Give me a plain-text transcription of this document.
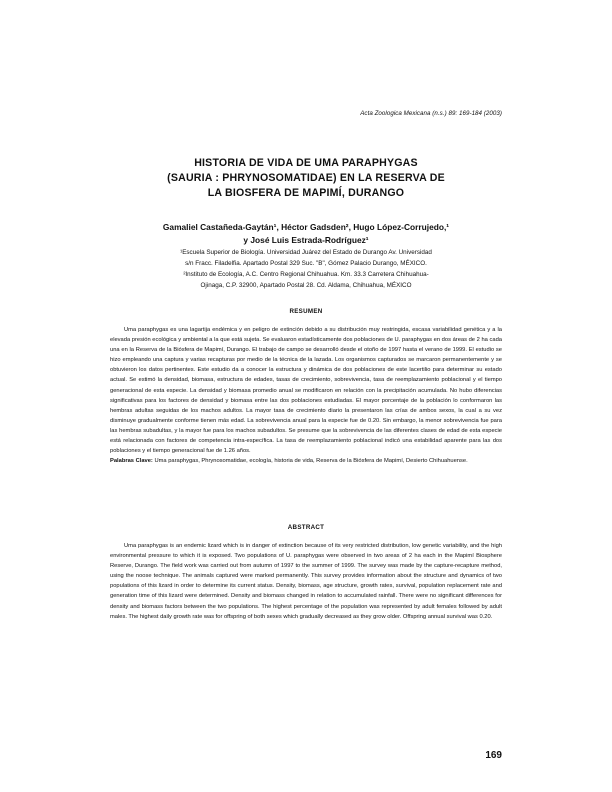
Acta Zoologica Mexicana (n.s.) 89: 169-184 (2003)
HISTORIA DE VIDA DE UMA PARAPHYGAS
(SAURIA : PHRYNOSOMATIDAE) EN LA RESERVA DE
LA BIOSFERA DE MAPIMÍ, DURANGO
Gamaliel Castañeda-Gaytán¹, Héctor Gadsden², Hugo López-Corrujedo,¹
y José Luis Estrada-Rodríguez¹
¹Escuela Superior de Biología. Universidad Juárez del Estado de Durango Av. Universidad
s/n Fracc. Filadelfia. Apartado Postal 329 Suc. "B", Gómez Palacio Durango, MÉXICO.
²Instituto de Ecología, A.C. Centro Regional Chihuahua. Km. 33.3 Carretera Chihuahua-
Ojinaga, C.P. 32900, Apartado Postal 28. Cd. Aldama, Chihuahua, MÉXICO
RESUMEN

Uma paraphygas es una lagartija endémica y en peligro de extinción debido a su distribución muy restringida, escasa variabilidad genética y a la elevada presión ecológica y ambiental a la que está sujeta. Se evaluaron estadísticamente dos poblaciones de U. paraphygas en dos áreas de 2 ha cada una en la Reserva de la Biósfera de Mapimí, Durango. El trabajo de campo se desarrolló desde el otoño de 1997 hasta el verano de 1999. El estudio se hizo empleando una captura y varias recapturas por medio de la técnica de la lazada. Los organismos capturados se marcaron permanentemente y se obtuvieron los datos pertinentes. Este estudio da a conocer la estructura y dinámica de dos poblaciones de este lacertilio para determinar su estado actual. Se estimó la densidad, biomasa, estructura de edades, tasas de crecimiento, sobrevivencia, tasa de reemplazamiento poblacional y el tiempo generacional de esta especie. La densidad y biomasa promedio anual se modificaron en relación con la precipitación acumulada. No hubo diferencias significativas para los factores de densidad y biomasa entre las dos poblaciones estudiadas. El mayor porcentaje de la población lo conformaron las hembras adultas seguidas de los machos adultos. La mayor tasa de crecimiento diario la presentaron las crías de ambos sexos, la cual a su vez disminuye gradualmente conforme tienen más edad. La sobrevivencia anual para la especie fue de 0.20. Sin embargo, la menor sobrevivencia fue para las hembras subadultas, y la mayor fue para los machos subadultos. Se presume que la sobrevivencia de las diferentes clases de edad de esta especie está relacionada con factores de competencia intra-específica. La tasa de reemplazamiento poblacional indicó una estabilidad aparente para las dos poblaciones y el tiempo generacional fue de 1.26 años.

Palabras Clave: Uma paraphygas, Phrynosomatidae, ecología, historia de vida, Reserva de la Biósfera de Mapimí, Desierto Chihuahuense.

ABSTRACT

Uma paraphygas is an endemic lizard which is in danger of extinction because of its very restricted distribution, low genetic variability, and the high environmental pressure to which it is exposed. Two populations of U. paraphygas were observed in two areas of 2 ha each in the Mapimí Biosphere Reserve, Durango. The field work was carried out from autumn of 1997 to the summer of 1999. The survey was made by the capture-recapture method, using the noose technique. The animals captured were marked permanently. This survey provides information about the structure and dynamics of two populations of this lizard in order to determine its current status. Density, biomass, age structure, growth rates, survival, population replacement rate and generation time of this lizard were determined. Density and biomass changed in relation to accumulated rainfall. There were no significant differences for density and biomass factors between the two populations. The highest percentage of the population was represented by adult females followed by adult males. The highest daily growth rate was for offspring of both sexes which gradually decreased as they grow older. Offspring annual survival was 0.20.

169
